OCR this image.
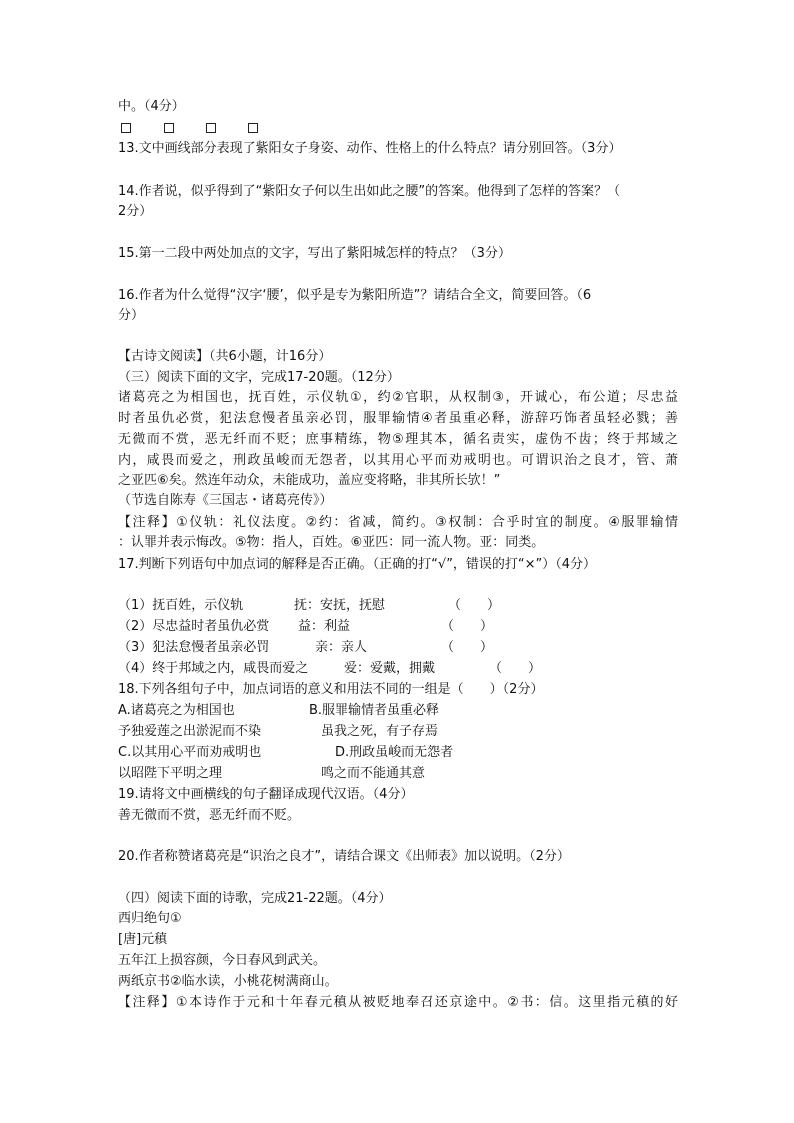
中。（4分）
13.文中画线部分表现了紫阳女子身姿、动作、性格上的什么特点？请分别回答。（3分）
14.作者说，似乎得到了“紫阳女子何以生出如此之腰”的答案。他得到了怎样的答案？（
2分）
15.第一二段中两处加点的文字，写出了紫阳城怎样的特点？（3分）
16.作者为什么觉得“汉字‘腰’，似乎是专为紫阳所造”？请结合全文，简要回答。（6
分）
【古诗文阅读】（共6小题，计16分）
（三）阅读下面的文字，完成17-20题。（12分）
诸葛亮之为相国也，抚百姓，示仪轨①，约②官职，从权制③，开诚心，布公道；尽忠益
时者虽仇必赏，犯法怠慢者虽亲必罚，服罪输情④者虽重必释，游辞巧饰者虽轻必戮；善
无微而不赏，恶无纤而不贬；庶事精练，物⑤理其本，循名责实，虚伪不齿；终于邦域之
内，咸畏而爱之，刑政虽峻而无怨者，以其用心平而劝戒明也。可谓识治之良才，管、萧
之亚匹⑥矣。然连年动众，未能成功，盖应变将略，非其所长欤！”
（节选自陈寿《三国志・诸葛亮传》）
【注释】①仪轨：礼仪法度。②约：省减，简约。③权制：合乎时宜的制度。④服罪输情
：认罪并表示悔改。⑤物：指人，百姓。⑥亚匹：同一流人物。亚：同类。
17.判断下列语句中加点词的解释是否正确。（正确的打“√”，错误的打“×”）（4分）
（1）抚百姓，示仪轨	抚：安抚，抚慰	（　　）
（2）尽忠益时者虽仇必赏 益：利益	（　　）
（3）犯法怠慢者虽亲必罚	亲：亲人	（　　）
（4）终于邦域之内，咸畏而爱之	爱：爱戴，拥戴	（　　）
18.下列各组句子中，加点词语的意义和用法不同的一组是（　　）（2分）
A.诸葛亮之为相国也	B.服罪输情者虽重必释
予独爱莲之出淤泥而不染	虽我之死，有子存焉
C.以其用心平而劝戒明也	D.刑政虽峻而无怨者
以昭陛下平明之理	鸣之而不能通其意
19.请将文中画横线的句子翻译成现代汉语。（4分）
善无微而不赏，恶无纤而不贬。
20.作者称赞诸葛亮是“识治之良才”，请结合课文《出师表》加以说明。（2分）
（四）阅读下面的诗歌，完成21-22题。（4分）
西归绝句①
[唐]元稹
五年江上损容颜，今日春风到武关。
两纸京书②临水读，小桃花树满商山。
【注释】①本诗作于元和十年春元稹从被贬地奉召还京途中。②书：信。这里指元稹的好
